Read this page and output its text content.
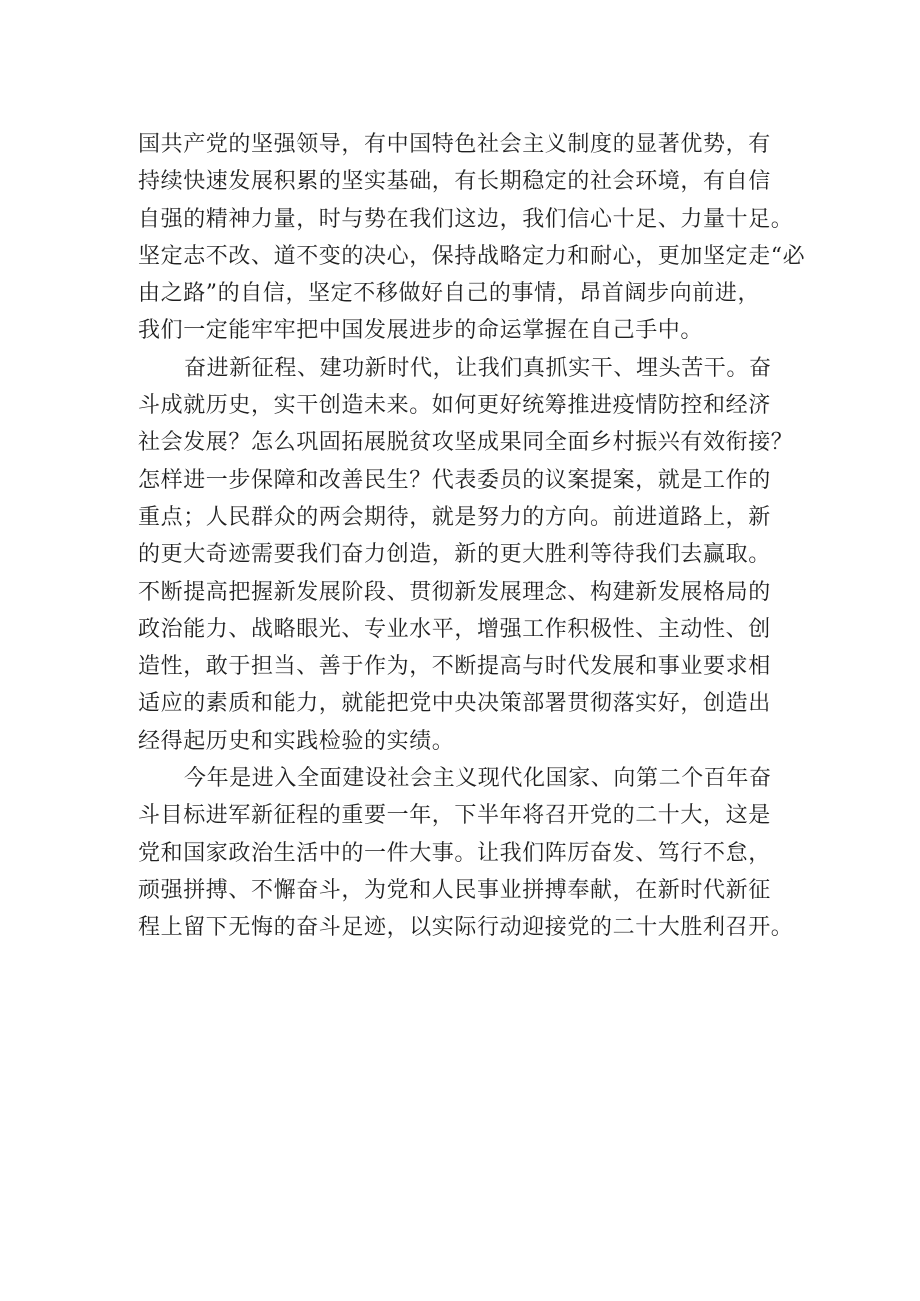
国共产党的坚强领导，有中国特色社会主义制度的显著优势，有
持续快速发展积累的坚实基础，有长期稳定的社会环境，有自信
自强的精神力量，时与势在我们这边，我们信心十足、力量十足。
坚定志不改、道不变的决心，保持战略定力和耐心，更加坚定走“必
由之路”的自信，坚定不移做好自己的事情，昂首阔步向前进，
我们一定能牢牢把中国发展进步的命运掌握在自己手中。
奋进新征程、建功新时代，让我们真抓实干、埋头苦干。奋
斗成就历史，实干创造未来。如何更好统筹推进疫情防控和经济
社会发展？怎么巩固拓展脱贫攻坚成果同全面乡村振兴有效衔接？
怎样进一步保障和改善民生？代表委员的议案提案，就是工作的
重点；人民群众的两会期待，就是努力的方向。前进道路上，新
的更大奇迹需要我们奋力创造，新的更大胜利等待我们去赢取。
不断提高把握新发展阶段、贯彻新发展理念、构建新发展格局的
政治能力、战略眼光、专业水平，增强工作积极性、主动性、创
造性，敢于担当、善于作为，不断提高与时代发展和事业要求相
适应的素质和能力，就能把党中央决策部署贯彻落实好，创造出
经得起历史和实践检验的实绩。
今年是进入全面建设社会主义现代化国家、向第二个百年奋
斗目标进军新征程的重要一年，下半年将召开党的二十大，这是
党和国家政治生活中的一件大事。让我们阵厉奋发、笃行不怠，
顽强拼搏、不懈奋斗，为党和人民事业拼搏奉献，在新时代新征
程上留下无悔的奋斗足迹，以实际行动迎接党的二十大胜利召开。
